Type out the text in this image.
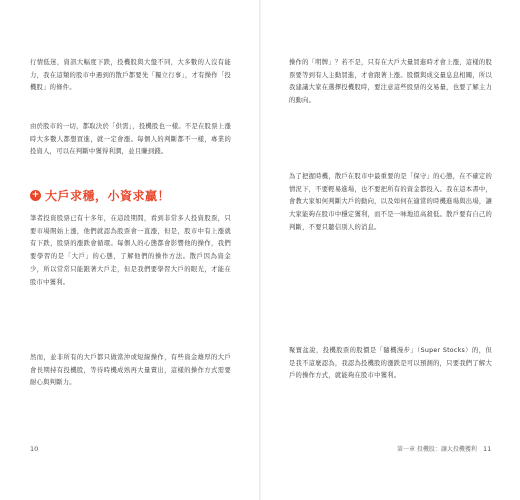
行情低迷，資訊大幅度下跌，投機股與大盤不同，大多數的人沒有能力，我在這類的股市中遇到的散戶都要先「獨立行事」，才有操作「投機股」的條件。

由於股市的一切，都取決於「供需」，投機股也一樣。不是在股票上漲時大多數人都想買進，就一定會漲。每個人的判斷都不一樣，專業的投資人，可以在判斷中獲得利潤，並且賺到錢。

+ 大戶求穩，小資求贏！

筆者投資股票已有十多年，在這段期間，看到非常多人投資股票，只要市場開始上漲，他們就認為股票會一直漲，但是，股市中有上漲就有下跌，股票的漲跌會循環。每個人的心態都會影響他的操作，我們要學習的是「大戶」的心態，了解他們的操作方法。散戶因為資金少，所以常常只能跟著大戶走，但是我們要學習大戶的眼光，才能在股市中獲利。

然而，並非所有的大戶都只做當沖或短線操作，有些資金雄厚的大戶會長期持有投機股，等待時機成熟再大量賣出，這樣的操作方式需要耐心與判斷力。

10

操作的「明牌」？若不是，只有在大戶大量買進時才會上漲，這樣的股票要等到有人主動買進，才會跟著上漲。股價與成交量息息相關，所以我建議大家在選擇投機股時，要注意這些股票的交易量，也要了解主力的動向。

為了把握時機，散戶在股市中最重要的是「保守」的心態，在不確定的情況下，不要輕易進場，也不要把所有的資金都投入。我在這本書中，會教大家如何判斷大戶的動向，以及如何在適當的時機進場與出場，讓大家能夠在股市中穩定獲利，而不是一味地追高殺低。散戶要有自己的判斷，不要只聽信別人的消息。

聚寶盆說，投機股票的股價是「隨機漫步」（Super Stocks）的，但是我不這麼認為，我認為投機股的漲跌是可以預測的，只要我們了解大戶的操作方式，就能夠在股市中獲利。

第一章 投機股：讓大投機獲利 11
